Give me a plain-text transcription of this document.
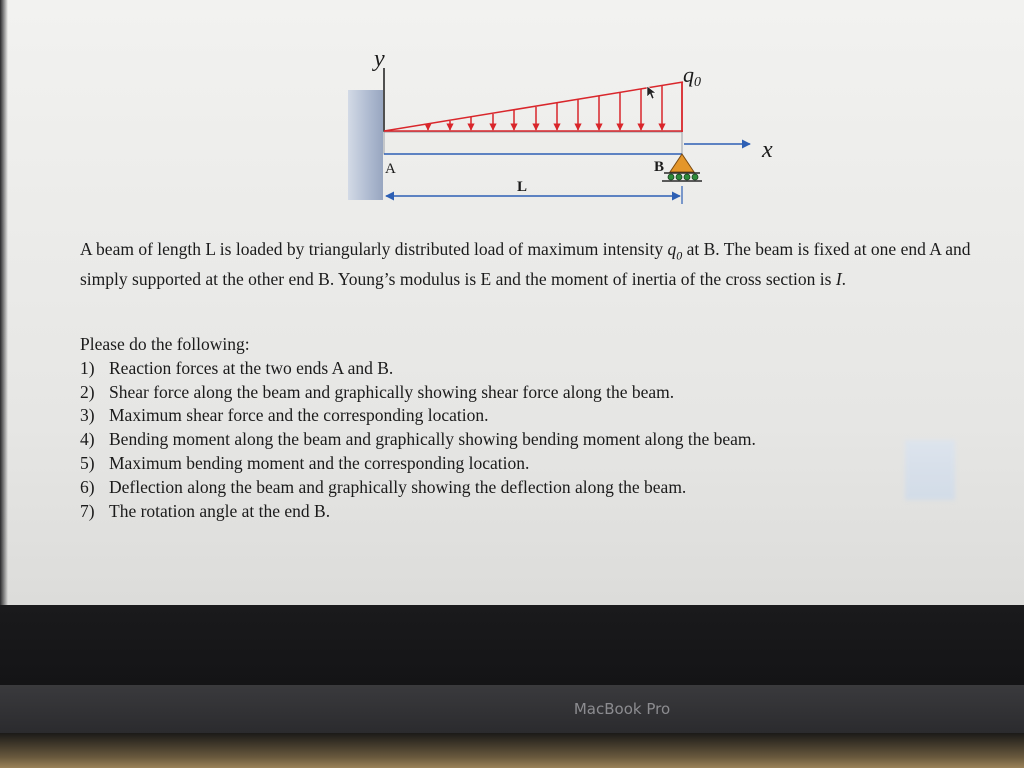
y
q0
x
A	B
L

A beam of length L is loaded by triangularly distributed load of maximum intensity $q_0$ at B. The beam is fixed at one end A and simply supported at the other end B. Young’s modulus is E and the moment of inertia of the cross section is I.

Please do the following:
1) Reaction forces at the two ends A and B.
2) Shear force along the beam and graphically showing shear force along the beam.
3) Maximum shear force and the corresponding location.
4) Bending moment along the beam and graphically showing bending moment along the beam.
5) Maximum bending moment and the corresponding location.
6) Deflection along the beam and graphically showing the deflection along the beam.
7) The rotation angle at the end B.
MacBook Pro
